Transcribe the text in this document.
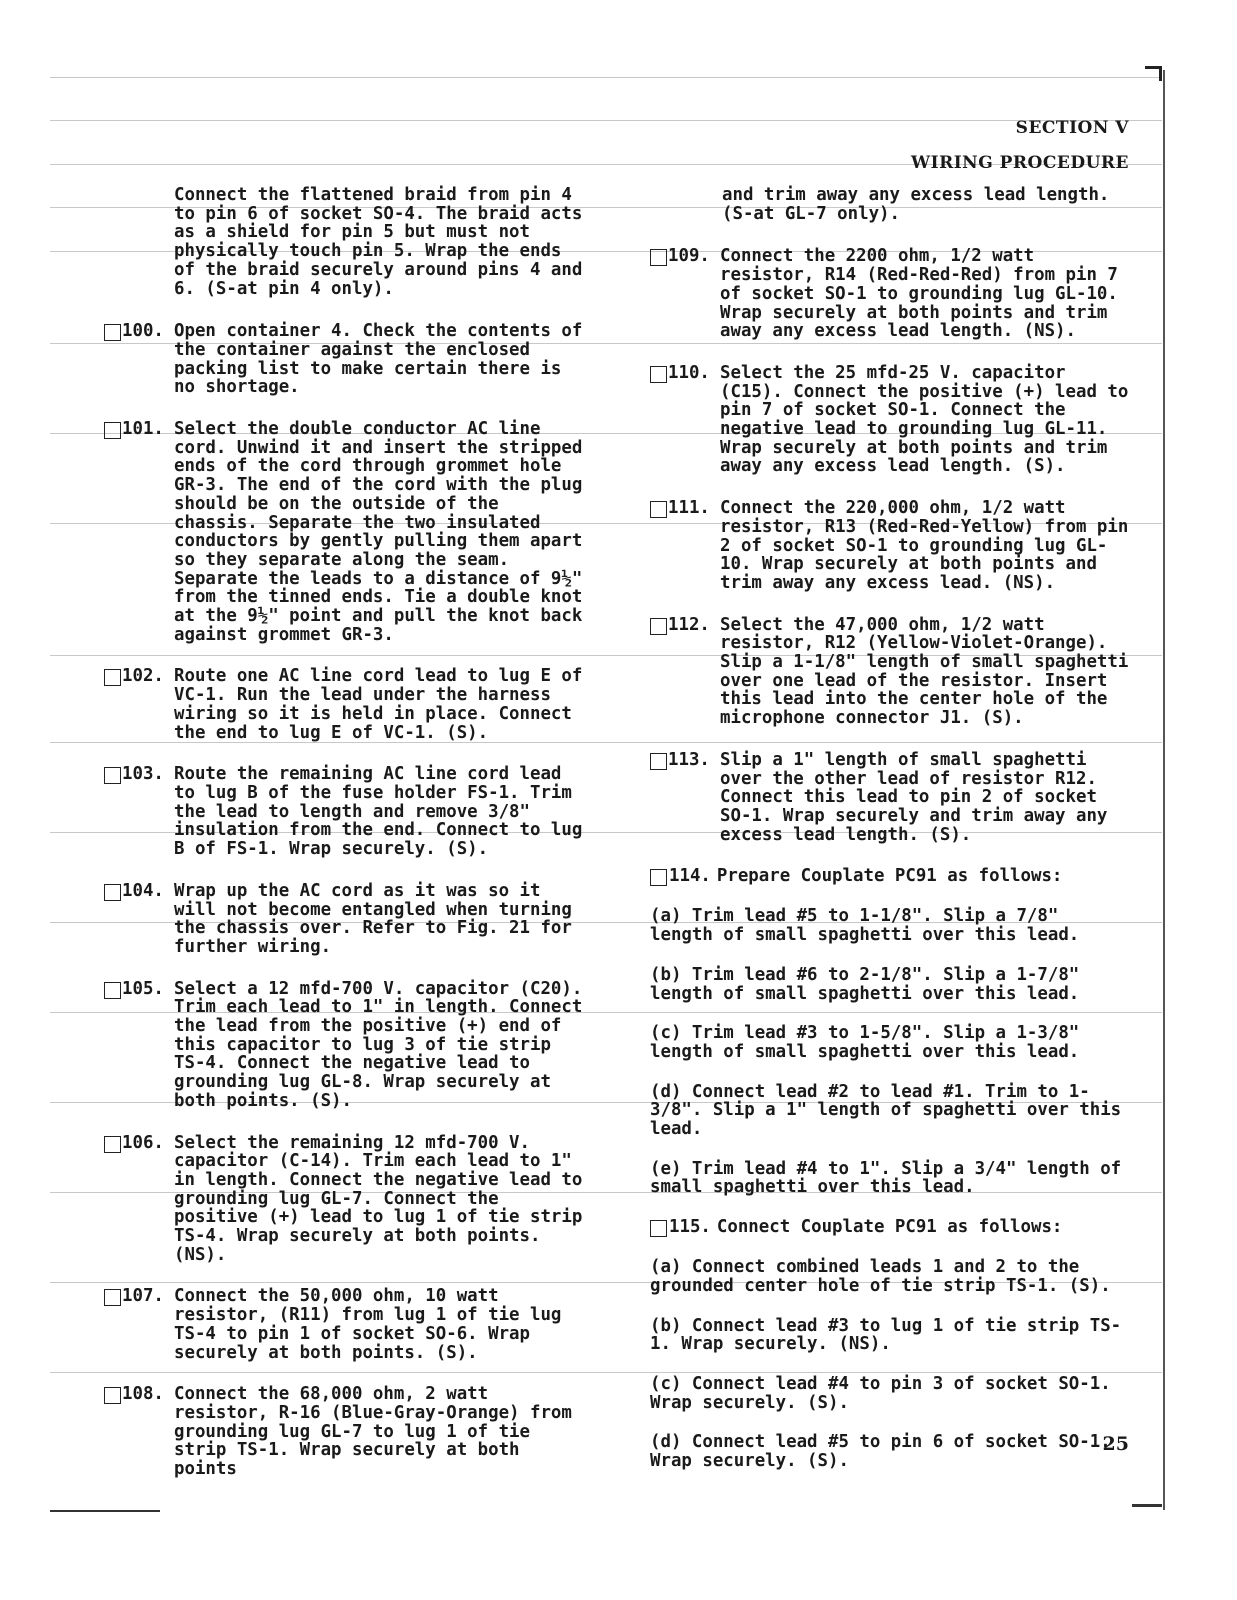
SECTION V
WIRING PROCEDURE
Connect the flattened braid from pin 4 to pin 6 of socket SO-4. The braid acts as a shield for pin 5 but must not physically touch pin 5. Wrap the ends of the braid securely around pins 4 and 6. (S-at pin 4 only).
100. Open container 4. Check the contents of the container against the enclosed packing list to make certain there is no shortage.
101. Select the double conductor AC line cord. Unwind it and insert the stripped ends of the cord through grommet hole GR-3. The end of the cord with the plug should be on the outside of the chassis. Separate the two insulated conductors by gently pulling them apart so they separate along the seam. Separate the leads to a distance of 9½" from the tinned ends. Tie a double knot at the 9½" point and pull the knot back against grommet GR-3.
102. Route one AC line cord lead to lug E of VC-1. Run the lead under the harness wiring so it is held in place. Connect the end to lug E of VC-1. (S).
103. Route the remaining AC line cord lead to lug B of the fuse holder FS-1. Trim the lead to length and remove 3/8" insulation from the end. Connect to lug B of FS-1. Wrap securely. (S).
104. Wrap up the AC cord as it was so it will not become entangled when turning the chassis over. Refer to Fig. 21 for further wiring.
105. Select a 12 mfd-700 V. capacitor (C20). Trim each lead to 1" in length. Connect the lead from the positive (+) end of this capacitor to lug 3 of tie strip TS-4. Connect the negative lead to grounding lug GL-8. Wrap securely at both points. (S).
106. Select the remaining 12 mfd-700 V. capacitor (C-14). Trim each lead to 1" in length. Connect the negative lead to grounding lug GL-7. Connect the positive (+) lead to lug 1 of tie strip TS-4. Wrap securely at both points. (NS).
107. Connect the 50,000 ohm, 10 watt resistor, (R11) from lug 1 of tie lug TS-4 to pin 1 of socket SO-6. Wrap securely at both points. (S).
108. Connect the 68,000 ohm, 2 watt resistor, R-16 (Blue-Gray-Orange) from grounding lug GL-7 to lug 1 of tie strip TS-1. Wrap securely at both points
and trim away any excess lead length. (S-at GL-7 only).
109. Connect the 2200 ohm, 1/2 watt resistor, R14 (Red-Red-Red) from pin 7 of socket SO-1 to grounding lug GL-10. Wrap securely at both points and trim away any excess lead length. (NS).
110. Select the 25 mfd-25 V. capacitor (C15). Connect the positive (+) lead to pin 7 of socket SO-1. Connect the negative lead to grounding lug GL-11. Wrap securely at both points and trim away any excess lead length. (S).
111. Connect the 220,000 ohm, 1/2 watt resistor, R13 (Red-Red-Yellow) from pin 2 of socket SO-1 to grounding lug GL-10. Wrap securely at both points and trim away any excess lead. (NS).
112. Select the 47,000 ohm, 1/2 watt resistor, R12 (Yellow-Violet-Orange). Slip a 1-1/8" length of small spaghetti over one lead of the resistor. Insert this lead into the center hole of the microphone connector J1. (S).
113. Slip a 1" length of small spaghetti over the other lead of resistor R12. Connect this lead to pin 2 of socket SO-1. Wrap securely and trim away any excess lead length. (S).
114. Prepare Couplate PC91 as follows:
(a) Trim lead #5 to 1-1/8". Slip a 7/8" length of small spaghetti over this lead.
(b) Trim lead #6 to 2-1/8". Slip a 1-7/8" length of small spaghetti over this lead.
(c) Trim lead #3 to 1-5/8". Slip a 1-3/8" length of small spaghetti over this lead.
(d) Connect lead #2 to lead #1. Trim to 1-3/8". Slip a 1" length of spaghetti over this lead.
(e) Trim lead #4 to 1". Slip a 3/4" length of small spaghetti over this lead.
115. Connect Couplate PC91 as follows:
(a) Connect combined leads 1 and 2 to the grounded center hole of tie strip TS-1. (S).
(b) Connect lead #3 to lug 1 of tie strip TS-1. Wrap securely. (NS).
(c) Connect lead #4 to pin 3 of socket SO-1. Wrap securely. (S).
(d) Connect lead #5 to pin 6 of socket SO-1. Wrap securely. (S).
25
